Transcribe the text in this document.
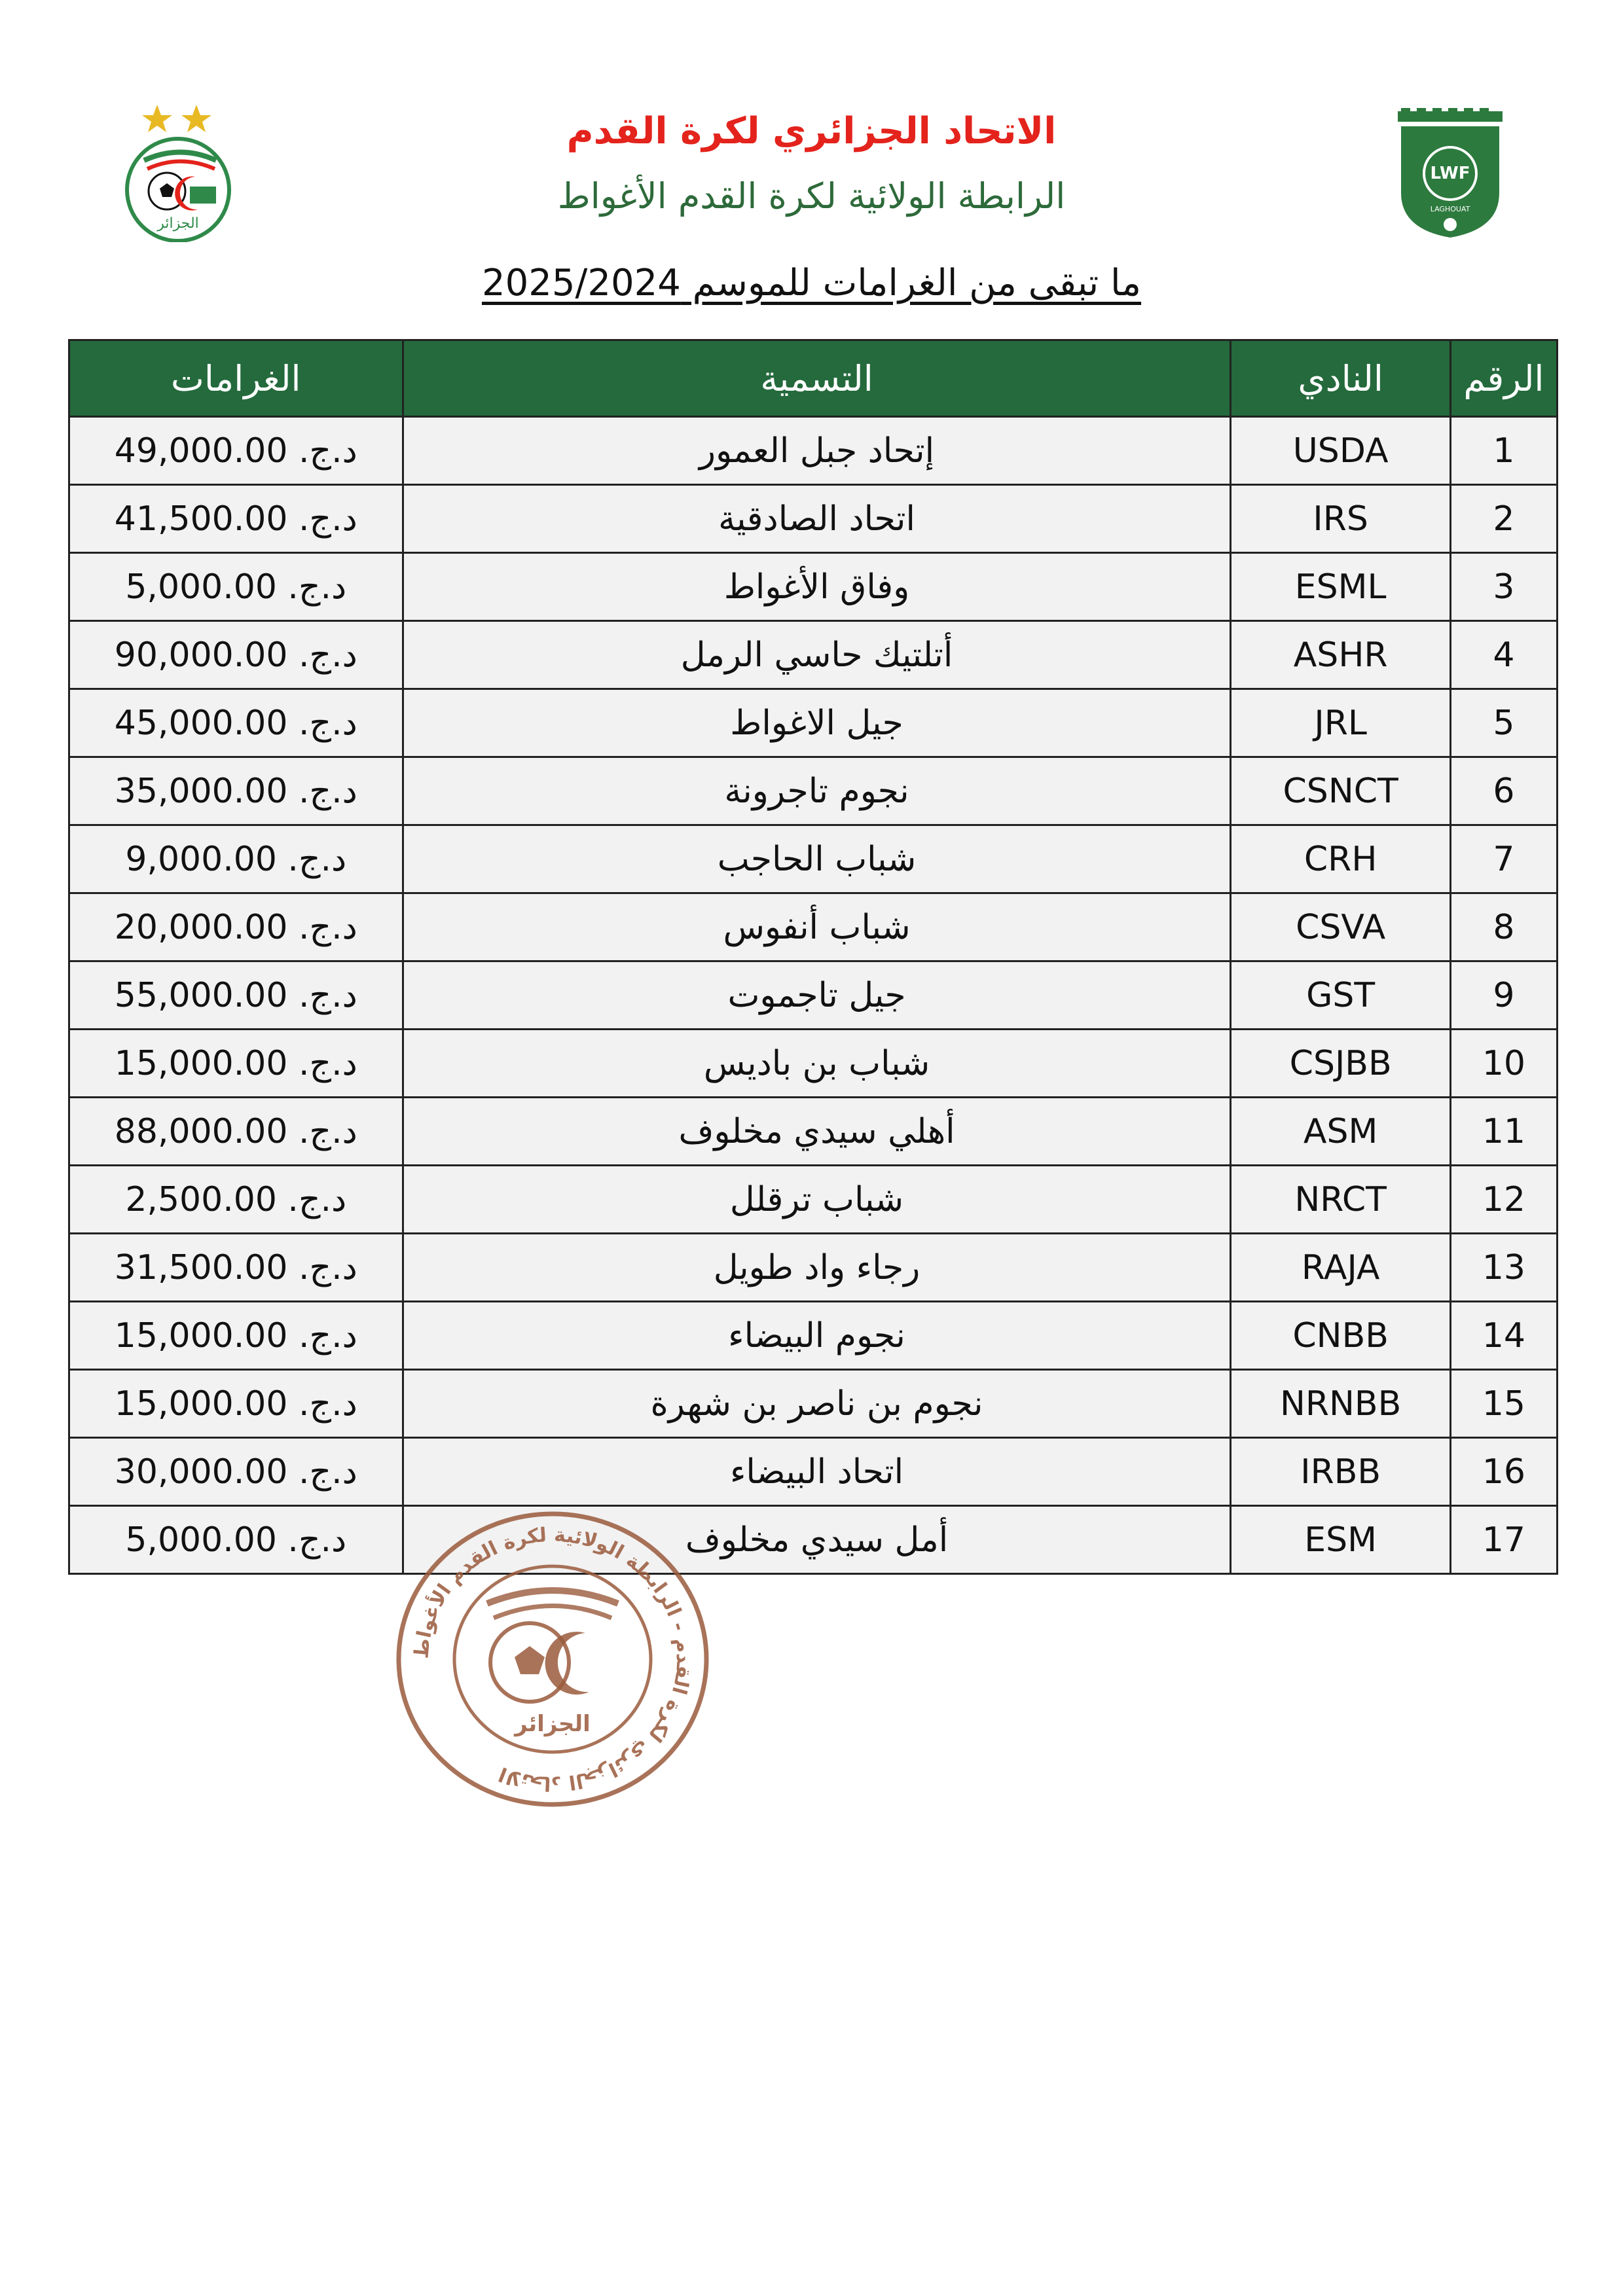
الجزائر
LWF
LAGHOUAT
الاتحاد الجزائري لكرة القدم
الرابطة الولائية لكرة القدم الأغواط
ما تبقى من الغرامات للموسم 2025/2024
الغرامات	التسمية	النادي	الرقم
د.ج. 49,000.00	إتحاد جبل العمور	USDA	1
د.ج. 41,500.00	اتحاد الصادقية	IRS	2
د.ج. 5,000.00	وفاق الأغواط	ESML	3
د.ج. 90,000.00	أتلتيك حاسي الرمل	ASHR	4
د.ج. 45,000.00	جيل الاغواط	JRL	5
د.ج. 35,000.00	نجوم تاجرونة	CSNCT	6
د.ج. 9,000.00	شباب الحاجب	CRH	7
د.ج. 20,000.00	شباب أنفوس	CSVA	8
د.ج. 55,000.00	جيل تاجموت	GST	9
د.ج. 15,000.00	شباب بن باديس	CSJBB	10
د.ج. 88,000.00	أهلي سيدي مخلوف	ASM	11
د.ج. 2,500.00	شباب ترقلل	NRCT	12
د.ج. 31,500.00	رجاء واد طويل	RAJA	13
د.ج. 15,000.00	نجوم البيضاء	CNBB	14
د.ج. 15,000.00	نجوم بن ناصر بن شهرة	NRNBB	15
د.ج. 30,000.00	اتحاد البيضاء	IRBB	16
د.ج. 5,000.00	أمل سيدي مخلوف	ESM	17
الاتحاد الجزائري لكرة القدم - الرابطة الولائية لكرة القدم الأغواط
الجزائر
